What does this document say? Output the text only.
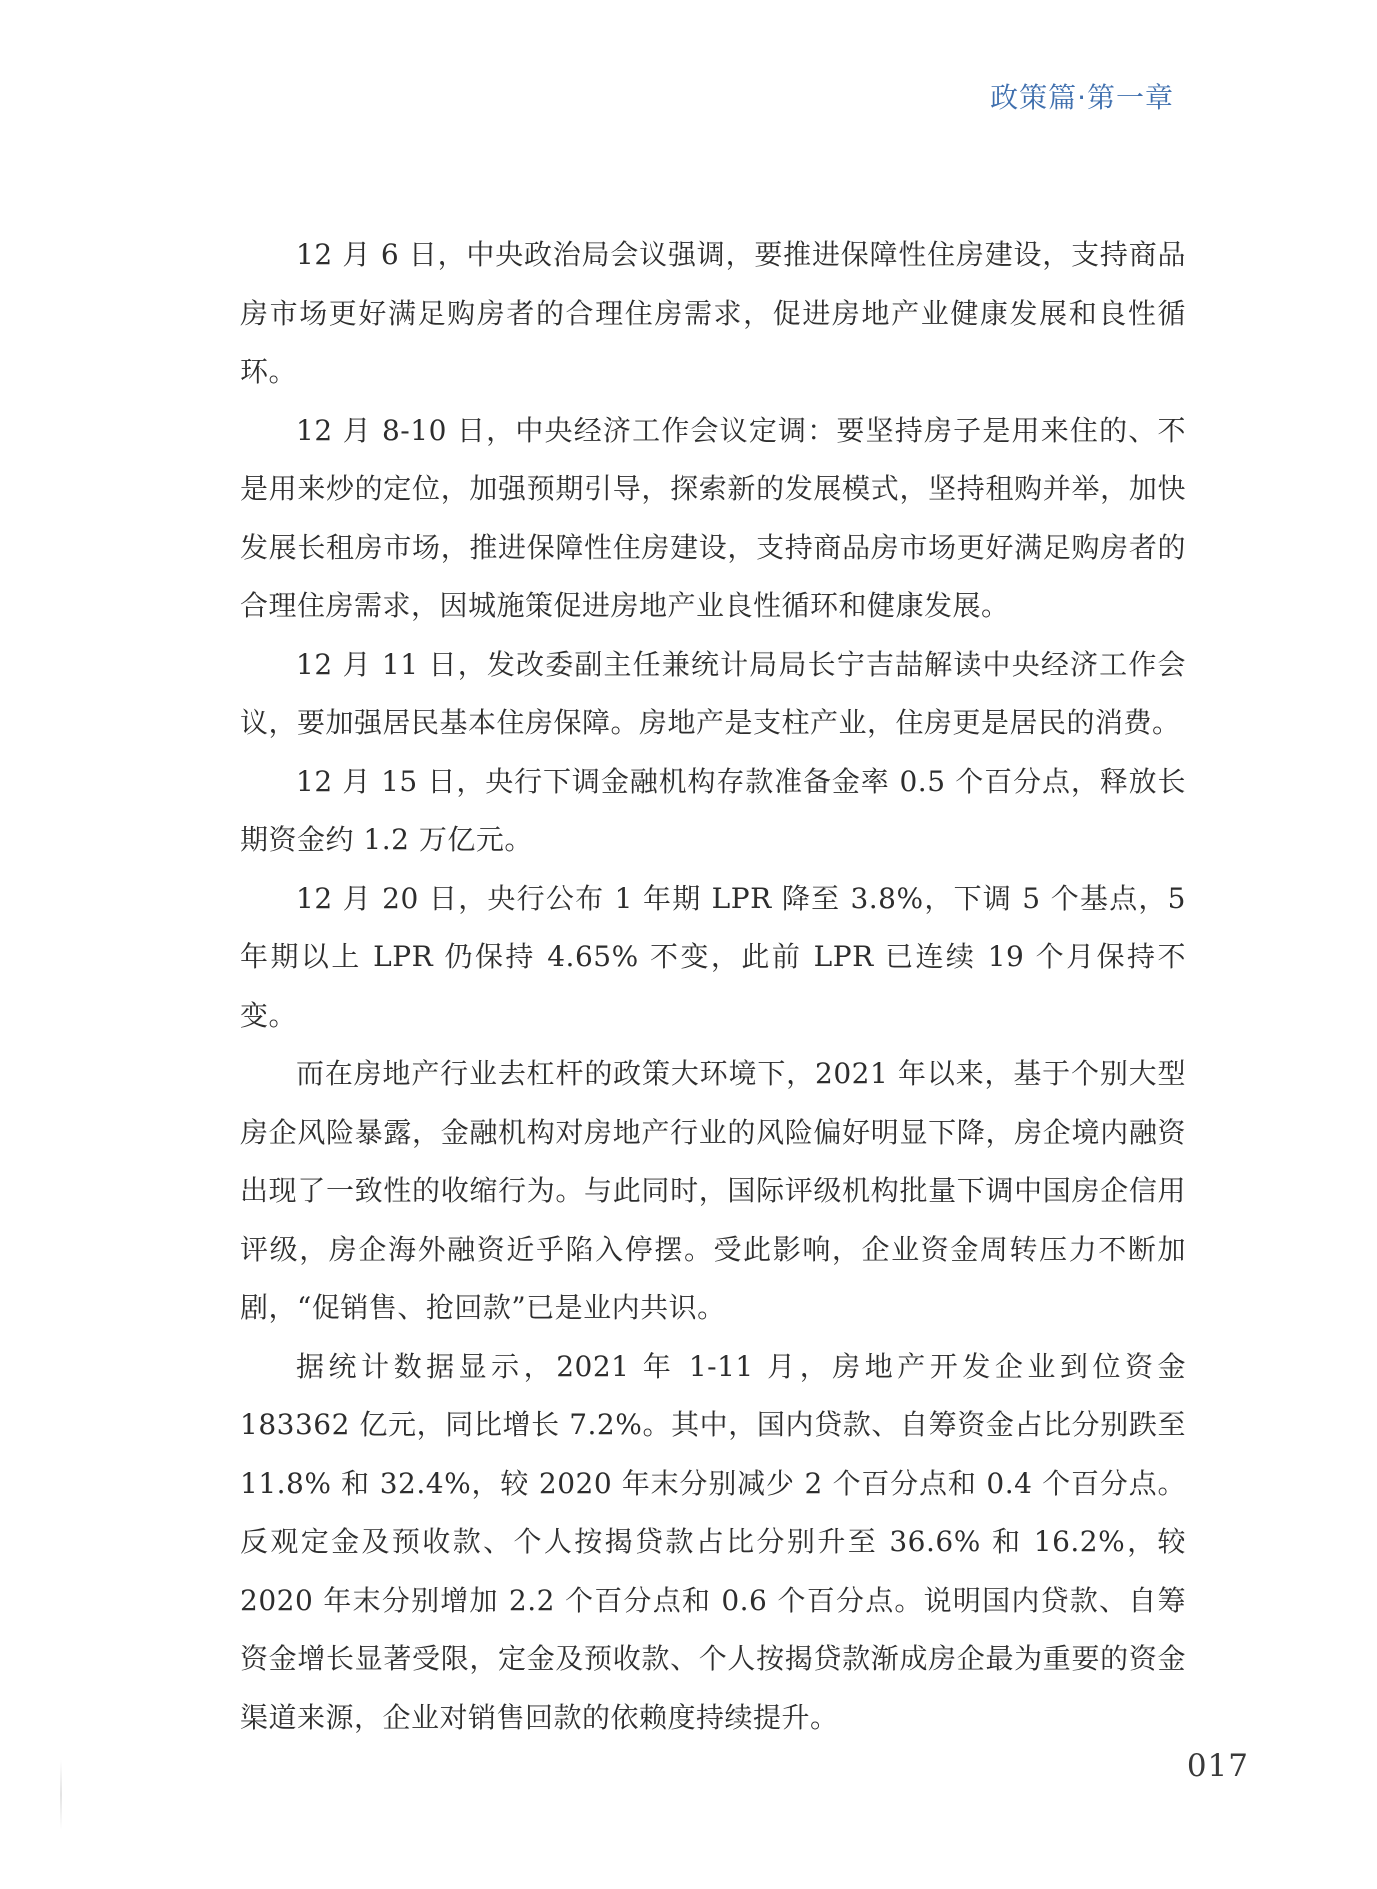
政策篇·第一章

12 月 6 日，中央政治局会议强调，要推进保障性住房建设，支持商品房市场更好满足购房者的合理住房需求，促进房地产业健康发展和良性循环。

12 月 8-10 日，中央经济工作会议定调：要坚持房子是用来住的、不是用来炒的定位，加强预期引导，探索新的发展模式，坚持租购并举，加快发展长租房市场，推进保障性住房建设，支持商品房市场更好满足购房者的合理住房需求，因城施策促进房地产业良性循环和健康发展。

12 月 11 日，发改委副主任兼统计局局长宁吉喆解读中央经济工作会议，要加强居民基本住房保障。房地产是支柱产业，住房更是居民的消费。

12 月 15 日，央行下调金融机构存款准备金率 0.5 个百分点，释放长期资金约 1.2 万亿元。

12 月 20 日，央行公布 1 年期 LPR 降至 3.8%，下调 5 个基点，5 年期以上 LPR 仍保持 4.65% 不变，此前 LPR 已连续 19 个月保持不变。

而在房地产行业去杠杆的政策大环境下，2021 年以来，基于个别大型房企风险暴露，金融机构对房地产行业的风险偏好明显下降，房企境内融资出现了一致性的收缩行为。与此同时，国际评级机构批量下调中国房企信用评级，房企海外融资近乎陷入停摆。受此影响，企业资金周转压力不断加剧，“促销售、抢回款”已是业内共识。

据统计数据显示，2021 年 1-11 月，房地产开发企业到位资金 183362 亿元，同比增长 7.2%。其中，国内贷款、自筹资金占比分别跌至 11.8% 和 32.4%，较 2020 年末分别减少 2 个百分点和 0.4 个百分点。反观定金及预收款、个人按揭贷款占比分别升至 36.6% 和 16.2%，较 2020 年末分别增加 2.2 个百分点和 0.6 个百分点。说明国内贷款、自筹资金增长显著受限，定金及预收款、个人按揭贷款渐成房企最为重要的资金渠道来源，企业对销售回款的依赖度持续提升。

017
